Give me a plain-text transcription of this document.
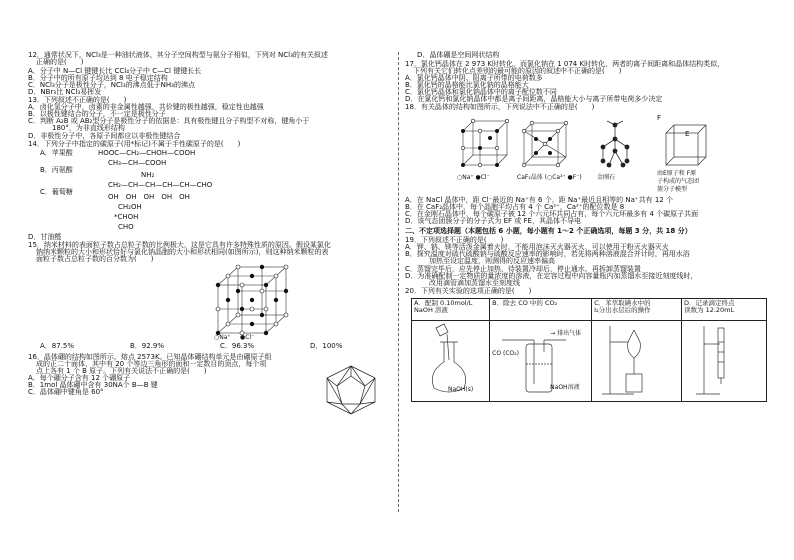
12．通常状况下，NCl₃是一种油状液体，其分子空间构型与氨分子相似，下列对 NCl₃的有关叙述
正确的是(　　)
A．分子中 N—Cl 键键长比 CCl₄分子中 C—Cl 键键长长
B．分子中的所有原子均达到 8 电子稳定结构
C．NCl₃分子是极性分子，NCl₃的沸点低于NH₃的沸点
D．NBr₃比 NCl₃易挥发
13．下列叙述不正确的是(　　)
A．卤化氢分子中，卤素的非金属性越强，共价键的极性越强，稳定性也越强
B．以极性键结合的分子，不一定是极性分子
C．判断 A₂B 或 AB₂型分子是极性分子的依据是：具有极性键且分子构型不对称，键角小于
180°，为非直线形结构
D．非极性分子中，各原子间都应以非极性键结合
14．下列分子中指定的碳原子(用*标记)不属于手性碳原子的是(　　)
A．苹果酸	HOOC—CH₂—CHOH—COOH
CH₃—CH—COOH
B．丙氨酸
NH₂
CH₂—CH—CH—CH—CH—CHO
C．葡萄糖
OH　OH　OH　OH　OH
CH₂OH
*CHOH
CHO
D．甘油醛
15．纳米材料的表面粒子数占总粒子数的比例极大，这是它具有许多特殊性质的原因。假设某氯化
钠纳米颗粒的大小和形状恰好与氯化钠晶胞的大小和形状相同(如图所示)，则这种纳米颗粒的表
面粒子数占总粒子数的百分数为(　　)
○Na⁺ ●Cl⁻
A．87.5%	B．92.9%	C．96.3%	D．100%
16．晶体硼的结构如图所示，熔点 2573K。已知晶体硼结构单元是由硼原子组
成的正二十面体，其中有 20 个等边三角形的面和一定数目的顶点，每个项
点上各有 1 个 B 原子。下列有关说法不正确的是(　　)
A．每个硼分子含有 12 个硼原子
B．1mol 晶体硼中含有 30NA个 B—B 键
C．晶体硼中键角是 60°
D．晶体硼是空间网状结构
17．氯化钙晶体在 2 973 K时转化，而氯化钠在 1 074 K时转化，两者的离子间距离和晶体结构类似，
下列有关它们转化点差别的最可能的原因的叙述中不正确的是(　　)
A．氯化钙晶体中阴、阳离子所带的电荷数多
B．氯化钙的晶格能比氯化钠的晶格能大
C．氯化钙晶体和氯化钠晶体中的离子配位数不同
D．在氯化钙和氯化钠晶体中都是离子间距离，晶格能大小与离子所带电荷多少决定
18．有关晶体的结构如图所示，下列说法中不正确的是(　　)
F
E
○Na⁺ ●Cl⁻	CaF₂晶体 (○Ca²⁺ ●F⁻)	金刚石
由E原子和 F原
子构成的气态团
簇分子模型
A．在 NaCl 晶体中，距 Cl⁻最近的 Na⁺有 6 个，距 Na⁺最近且相等的 Na⁺共有 12 个
B．在 CaF₂晶体中，每个晶胞平均占有 4 个 Ca²⁺，Ca²⁺的配位数是 8
C．在金刚石晶体中，每个碳原子被 12 个六元环共同占有，每个六元环最多有 4 个碳原子共面
D．该气态团簇分子的分子式为 EF 或 FE，其晶体不导电
二、不定项选择题（本题包括 6 小题，每小题有 1～2 个正确选项，每题 3 分，共 18 分）
19．下列叙述不正确的是(　　)
A．钾、钠、镁等活泼金属着火时，不能用泡沫灭火器灭火，可以使用干粉灭火器灭火
B．探究温度对硫代硫酸钠与硫酸反应速率的影响时，若先将两种溶液混合并计时，再用水浴
加热至设定温度，则测得的反应速率偏高
C．蒸馏完毕后，应先停止加热，待装置冷却后，停止通水，再拆卸蒸馏装置
D．为准确配制一定物质的量浓度的溶液，在定容过程中向容量瓶内加蒸馏水至接近刻度线时，
改用滴管滴加蒸馏水至刻度线
20．下列有关实验的选项正确的是(　　)
A．配制 0.10mol/L
NaOH 溶液	B．除去 CO 中的 CO₂	C．苯萃取碘水中的
I₂分出水层后的操作	D．记录滴定终点
读数为 12.20mL

NaOH(s)	CO (CO₂)
→ 排出气体
NaOH溶液
